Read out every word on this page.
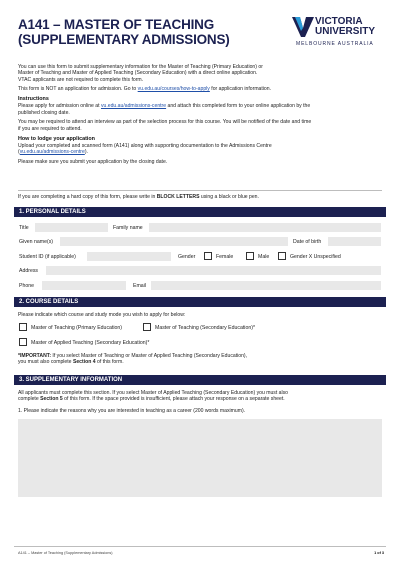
A141 – MASTER OF TEACHING
(SUPPLEMENTARY ADMISSIONS)
VICTORIA
UNIVERSITY
MELBOURNE AUSTRALIA

You can use this form to submit supplementary information for the Master of Teaching (Primary Education) or
Master of Teaching and Master of Applied Teaching (Secondary Education) with a direct online application.
VTAC applicants are not required to complete this form.

This form is NOT an application for admission. Go to vu.edu.au/courses/how-to-apply for application information.

Instructions

Please apply for admission online at vu.edu.au/admissions-centre and attach this completed form to your online application by the
published closing date.

You may be required to attend an interview as part of the selection process for this course. You will be notified of the date and time
if you are required to attend.

How to lodge your application

Upload your completed and scanned form (A141) along with supporting documentation to the Admissions Centre
(vu.edu.au/admissions-centre).

Please make sure you submit your application by the closing date.

If you are completing a hard copy of this form, please write in BLOCK LETTERS using a black or blue pen.
1. PERSONAL DETAILS
Title	Family name
Given name(s)	Date of birth
Student ID (if applicable)	Gender	Female	Male	Gender X Unspecified
Address
Phone	Email
2. COURSE DETAILS
Please indicate which course and study mode you wish to apply for below:
Master of Teaching (Primary Education)	Master of Teaching (Secondary Education)*
Master of Applied Teaching (Secondary Education)*
*IMPORTANT: If you select Master of Teaching or Master of Applied Teaching (Secondary Education),
you must also complete Section 4 of this form.
3. SUPPLEMENTARY INFORMATION
All applicants must complete this section. If you select Master of Applied Teaching (Secondary Education) you must also
complete Section 5 of this form. If the space provided is insufficient, please attach your response on a separate sheet.
1. Please indicate the reasons why you are interested in teaching as a career (200 words maximum).
A141 – Master of Teaching (Supplementary Admissions)	1 of 3
